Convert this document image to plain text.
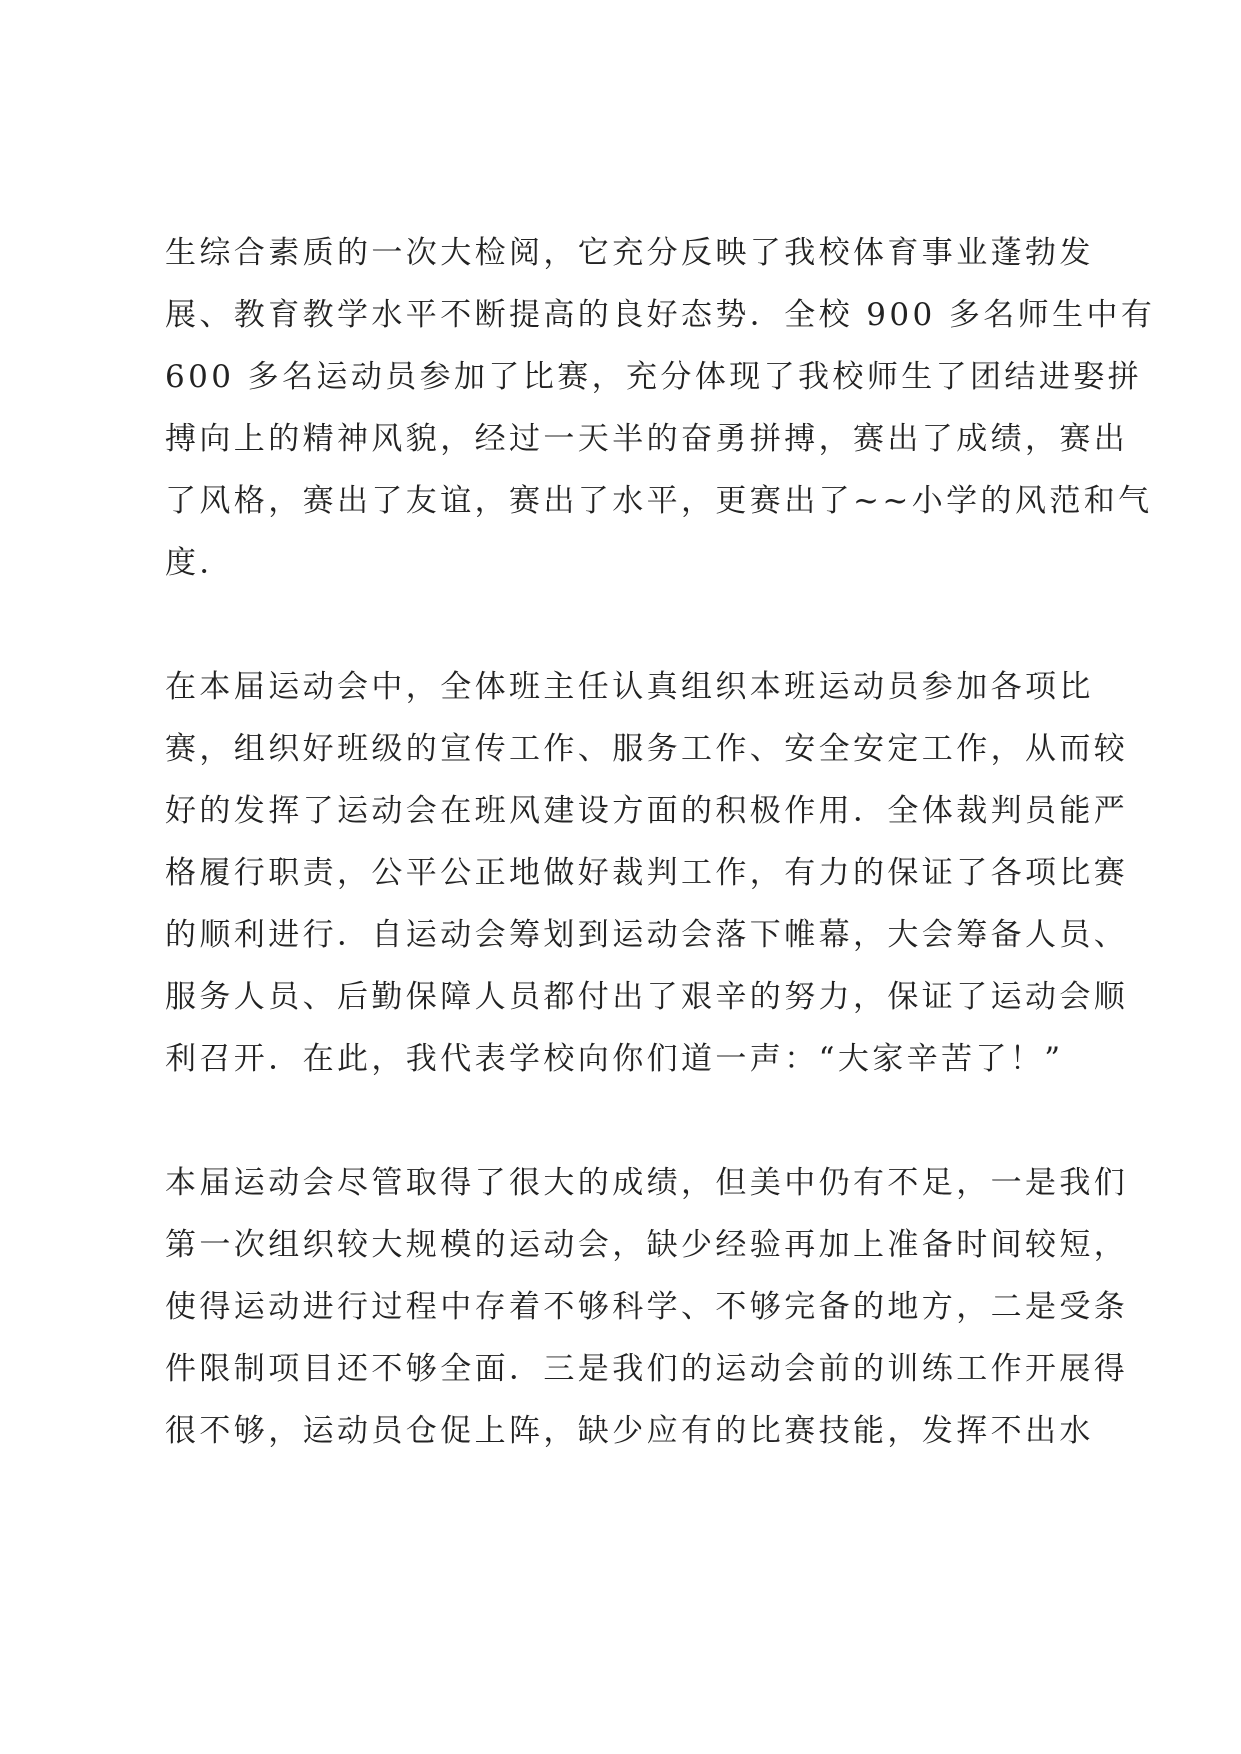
生综合素质的一次大检阅，它充分反映了我校体育事业蓬勃发
展、教育教学水平不断提高的良好态势．全校 900 多名师生中有
600 多名运动员参加了比赛，充分体现了我校师生了团结进娶拼
搏向上的精神风貌，经过一天半的奋勇拼搏，赛出了成绩，赛出
了风格，赛出了友谊，赛出了水平，更赛出了~~小学的风范和气
度．
在本届运动会中，全体班主任认真组织本班运动员参加各项比
赛，组织好班级的宣传工作、服务工作、安全安定工作，从而较
好的发挥了运动会在班风建设方面的积极作用．全体裁判员能严
格履行职责，公平公正地做好裁判工作，有力的保证了各项比赛
的顺利进行．自运动会筹划到运动会落下帷幕，大会筹备人员、
服务人员、后勤保障人员都付出了艰辛的努力，保证了运动会顺
利召开．在此，我代表学校向你们道一声：“大家辛苦了！”
本届运动会尽管取得了很大的成绩，但美中仍有不足，一是我们
第一次组织较大规模的运动会，缺少经验再加上准备时间较短，
使得运动进行过程中存着不够科学、不够完备的地方，二是受条
件限制项目还不够全面．三是我们的运动会前的训练工作开展得
很不够，运动员仓促上阵，缺少应有的比赛技能，发挥不出水
